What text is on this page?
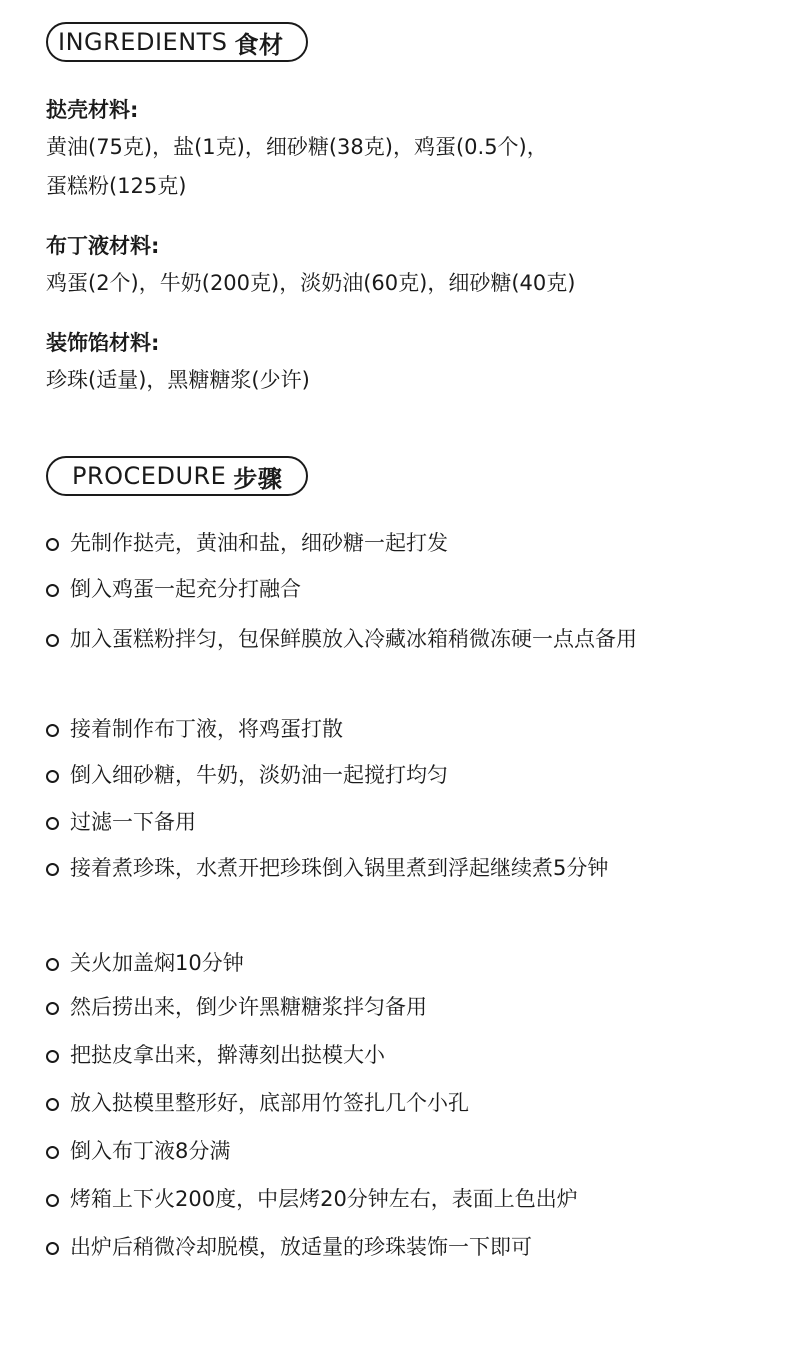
INGREDIENTS 食材
挞壳材料:
黄油(75克)，盐(1克)，细砂糖(38克)，鸡蛋(0.5个)，
蛋糕粉(125克)
布丁液材料:
鸡蛋(2个)，牛奶(200克)，淡奶油(60克)，细砂糖(40克)
装饰馅材料:
珍珠(适量)，黑糖糖浆(少许)
PROCEDURE 步骤
先制作挞壳，黄油和盐，细砂糖一起打发
倒入鸡蛋一起充分打融合
加入蛋糕粉拌匀，包保鲜膜放入冷藏冰箱稍微冻硬一点点备用
接着制作布丁液，将鸡蛋打散
倒入细砂糖，牛奶，淡奶油一起搅打均匀
过滤一下备用
接着煮珍珠，水煮开把珍珠倒入锅里煮到浮起继续煮5分钟
关火加盖焖10分钟
然后捞出来，倒少许黑糖糖浆拌匀备用
把挞皮拿出来，擀薄刻出挞模大小
放入挞模里整形好，底部用竹签扎几个小孔
倒入布丁液8分满
烤箱上下火200度，中层烤20分钟左右，表面上色出炉
出炉后稍微冷却脱模，放适量的珍珠装饰一下即可
